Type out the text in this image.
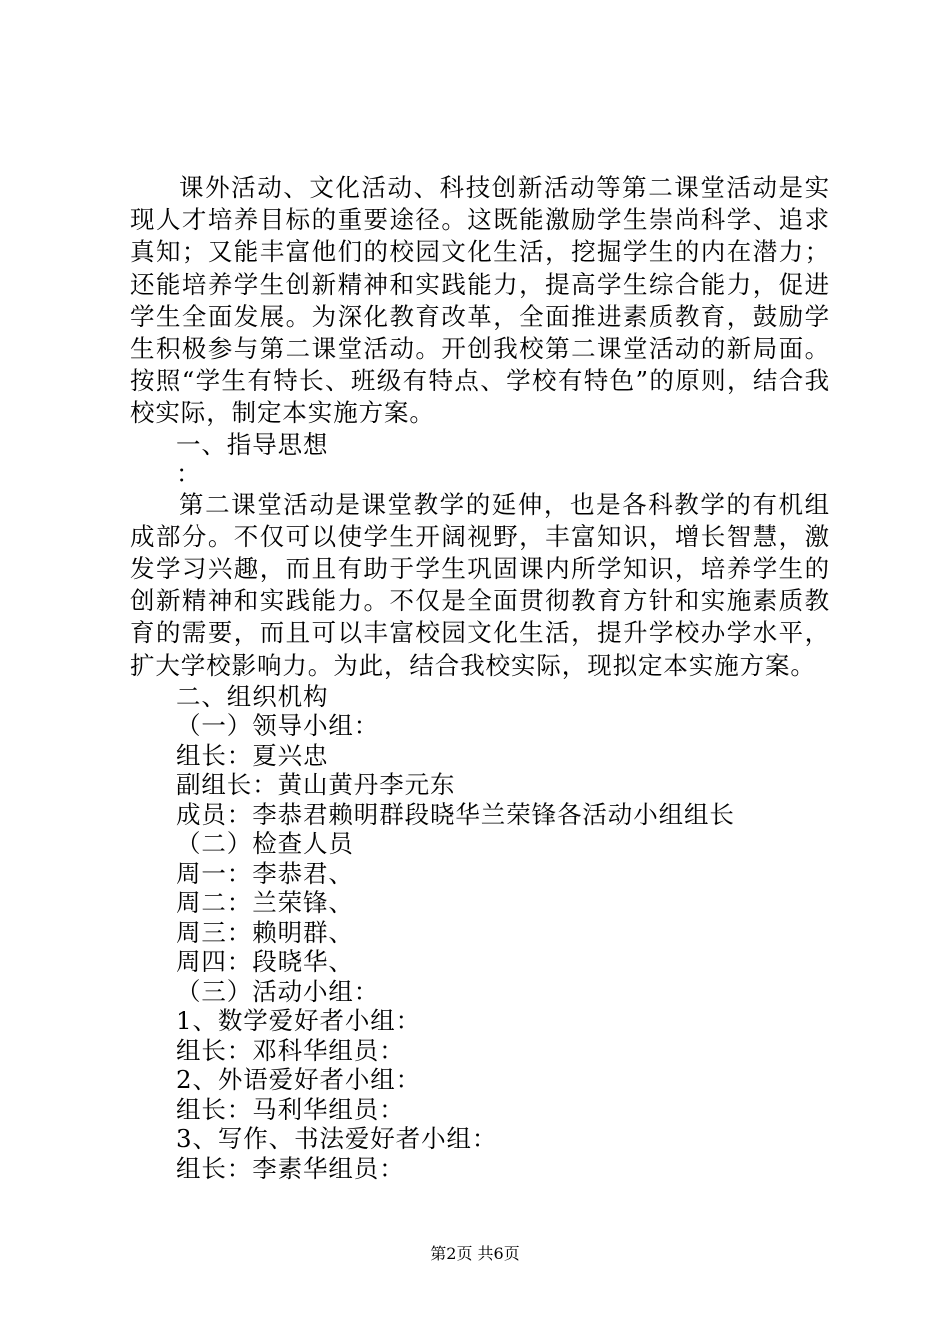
课外活动、文化活动、科技创新活动等第二课堂活动是实现人才培养目标的重要途径。这既能激励学生崇尚科学、追求真知；又能丰富他们的校园文化生活，挖掘学生的内在潜力；还能培养学生创新精神和实践能力，提高学生综合能力，促进学生全面发展。为深化教育改革，全面推进素质教育，鼓励学生积极参与第二课堂活动。开创我校第二课堂活动的新局面。按照“学生有特长、班级有特点、学校有特色”的原则，结合我校实际，制定本实施方案。

一、指导思想

：

第二课堂活动是课堂教学的延伸，也是各科教学的有机组成部分。不仅可以使学生开阔视野，丰富知识，增长智慧，激发学习兴趣，而且有助于学生巩固课内所学知识，培养学生的创新精神和实践能力。不仅是全面贯彻教育方针和实施素质教育的需要，而且可以丰富校园文化生活，提升学校办学水平，扩大学校影响力。为此，结合我校实际，现拟定本实施方案。

二、组织机构

（一）领导小组：

组长：夏兴忠

副组长：黄山黄丹李元东

成员：李恭君赖明群段晓华兰荣锋各活动小组组长

（二）检查人员

周一：李恭君、

周二：兰荣锋、

周三：赖明群、

周四：段晓华、

（三）活动小组：

1、数学爱好者小组：

组长：邓科华组员：

2、外语爱好者小组：

组长：马利华组员：

3、写作、书法爱好者小组：

组长：李素华组员：

第2页 共6页
